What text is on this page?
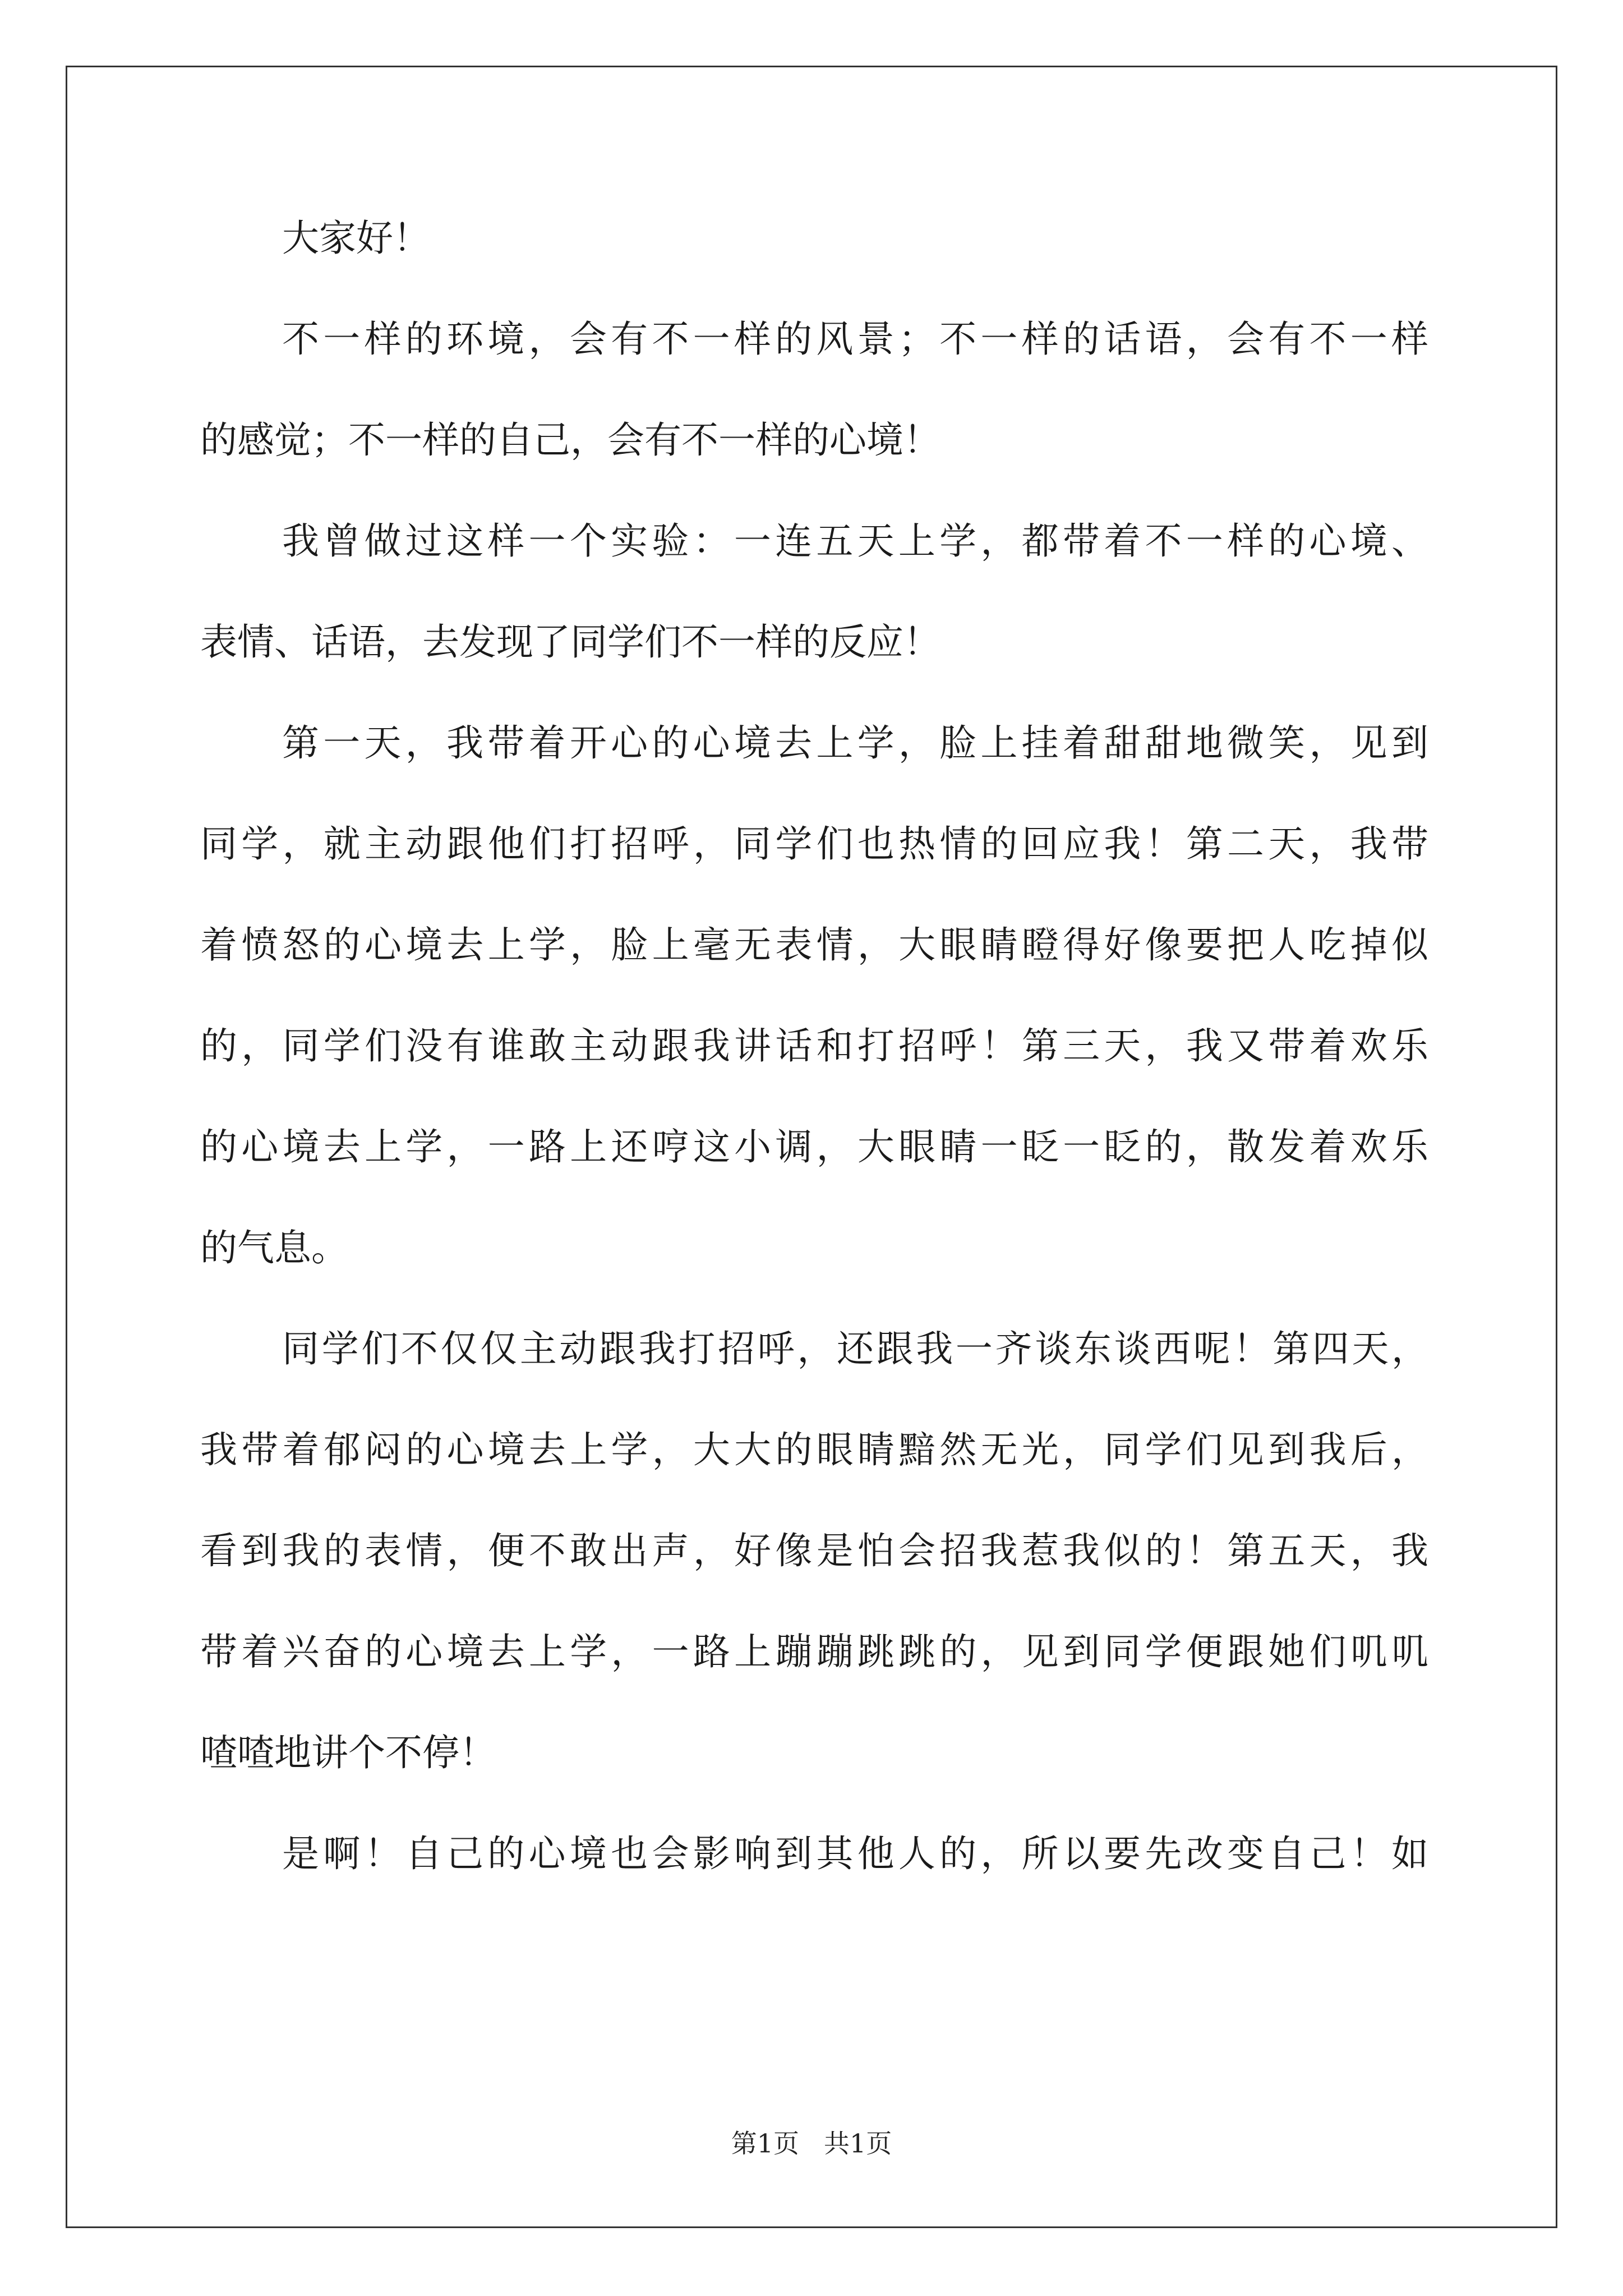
大家好！
不一样的环境，会有不一样的风景；不一样的话语，会有不一样
的感觉；不一样的自己，会有不一样的心境！
我曾做过这样一个实验：一连五天上学，都带着不一样的心境、
表情、话语，去发现了同学们不一样的反应！
第一天，我带着开心的心境去上学，脸上挂着甜甜地微笑，见到
同学，就主动跟他们打招呼，同学们也热情的回应我！第二天，我带
着愤怒的心境去上学，脸上毫无表情，大眼睛瞪得好像要把人吃掉似
的，同学们没有谁敢主动跟我讲话和打招呼！第三天，我又带着欢乐
的心境去上学，一路上还哼这小调，大眼睛一眨一眨的，散发着欢乐
的气息。
同学们不仅仅主动跟我打招呼，还跟我一齐谈东谈西呢！第四天，
我带着郁闷的心境去上学，大大的眼睛黯然无光，同学们见到我后，
看到我的表情，便不敢出声，好像是怕会招我惹我似的！第五天，我
带着兴奋的心境去上学，一路上蹦蹦跳跳的，见到同学便跟她们叽叽
喳喳地讲个不停！
是啊！自己的心境也会影响到其他人的，所以要先改变自己！如
第1页 共1页
